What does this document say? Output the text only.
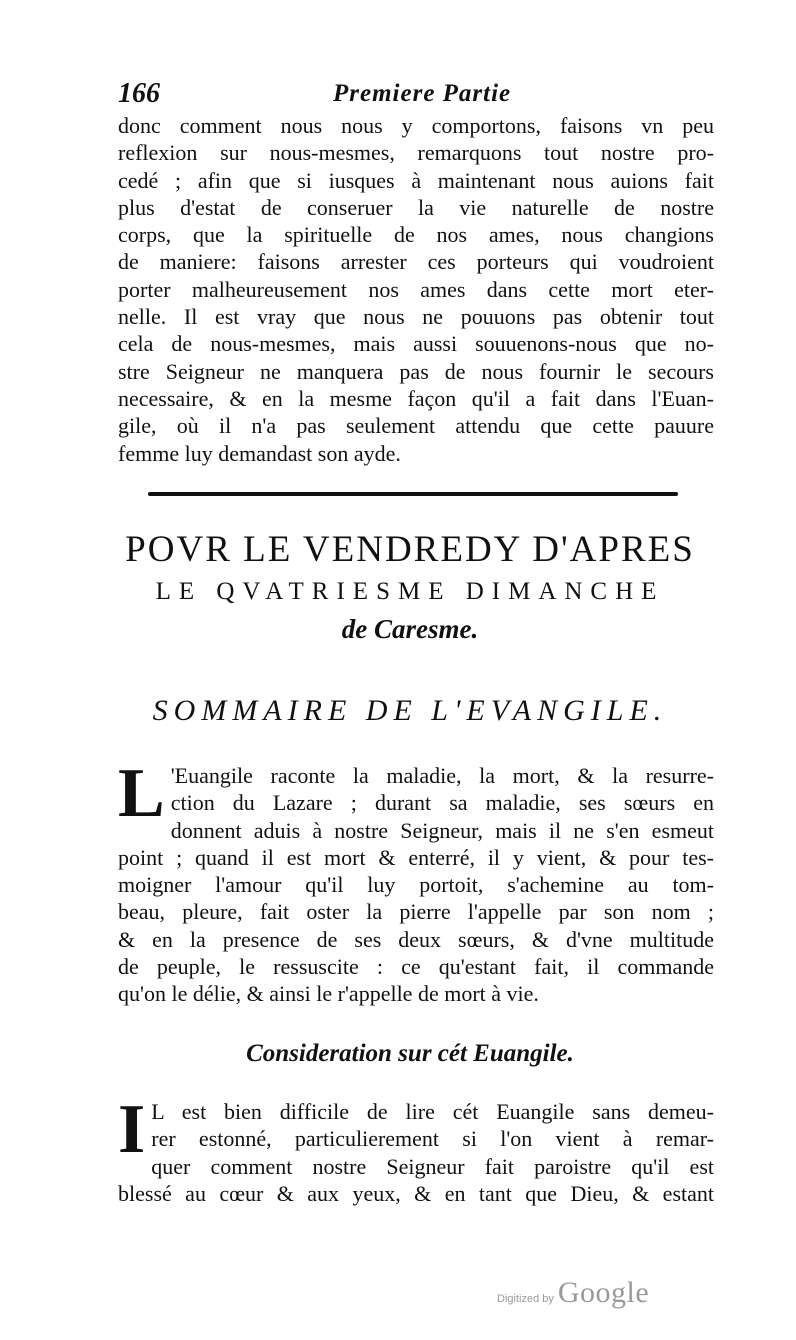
166	Premiere Partie

donc comment nous nous y comportons, faisons vn peu
reflexion sur nous-mesmes, remarquons tout nostre pro-
cedé ; afin que si iusques à maintenant nous auions fait
plus d'estat de conseruer la vie naturelle de nostre
corps, que la spirituelle de nos ames, nous changions
de maniere: faisons arrester ces porteurs qui voudroient
porter malheureusement nos ames dans cette mort eter-
nelle. Il est vray que nous ne pouuons pas obtenir tout
cela de nous-mesmes, mais aussi souuenons-nous que no-
stre Seigneur ne manquera pas de nous fournir le secours
necessaire, & en la mesme façon qu'il a fait dans l'Euan-
gile, où il n'a pas seulement attendu que cette pauure
femme luy demandast son ayde.

POVR LE VENDREDY D'APRES
LE QVATRIESME DIMANCHE
de Caresme.
SOMMAIRE DE L'EVANGILE.

L 'Euangile raconte la maladie, la mort, & la resurre-
ction du Lazare ; durant sa maladie, ses sœurs en
donnent aduis à nostre Seigneur, mais il ne s'en esmeut
point ; quand il est mort & enterré, il y vient, & pour tes-
moigner l'amour qu'il luy portoit, s'achemine au tom-
beau, pleure, fait oster la pierre l'appelle par son nom ;
& en la presence de ses deux sœurs, & d'vne multitude
de peuple, le ressuscite : ce qu'estant fait, il commande
qu'on le délie, & ainsi le r'appelle de mort à vie.

Consideration sur cét Euangile.

I L est bien difficile de lire cét Euangile sans demeu-
rer estonné, particulierement si l'on vient à remar-
quer comment nostre Seigneur fait paroistre qu'il est
blessé au cœur & aux yeux, & en tant que Dieu, & estant

Digitized by Google
